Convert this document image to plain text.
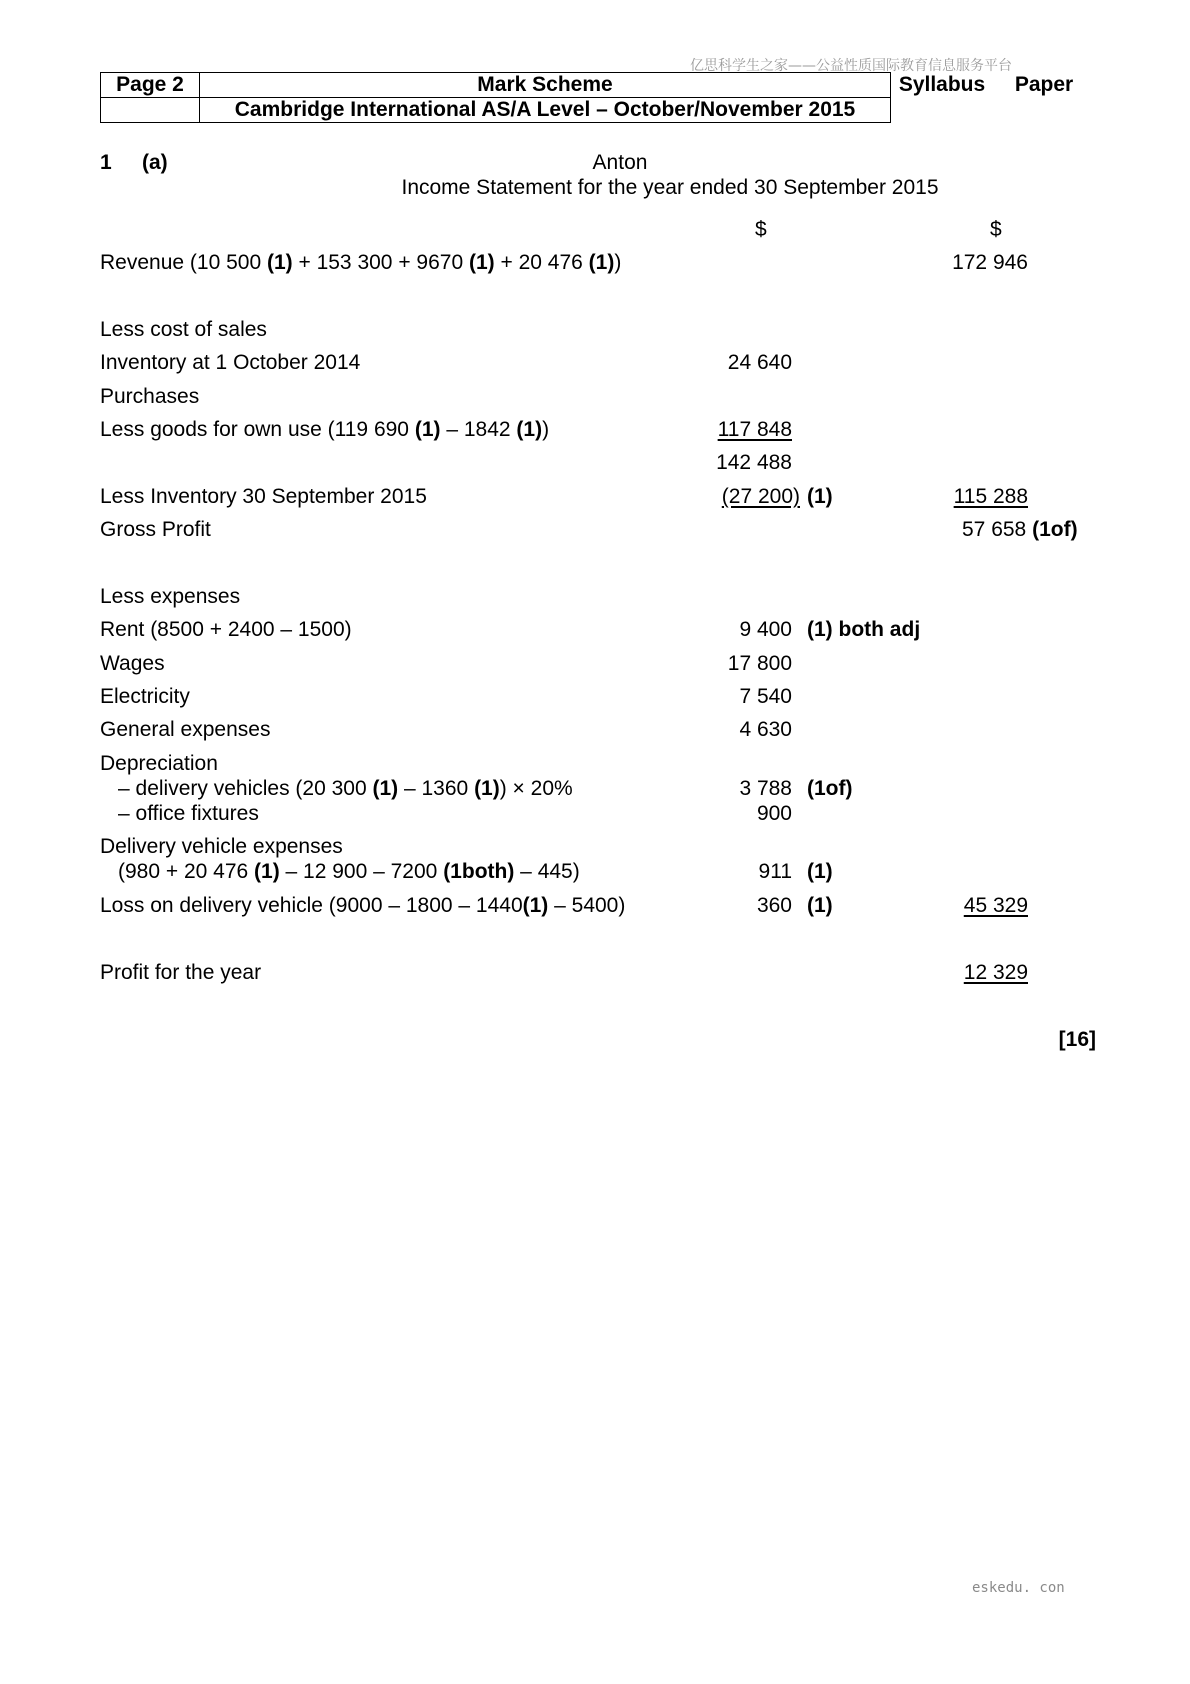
亿思科学生之家——公益性质国际教育信息服务平台
Page 2	Mark Scheme	Syllabus	Paper
	Cambridge International AS/A Level – October/November 2015		
1 (a)	Anton
Income Statement for the year ended 30 September 2015
$	$
Revenue (10 500 (1) + 153 300 + 9670 (1) + 20 476 (1))	172 946
Less cost of sales
Inventory at 1 October 2014	24 640
Purchases
Less goods for own use (119 690 (1) – 1842 (1))	117 848
142 488
Less Inventory 30 September 2015	(27 200) (1)	115 288
Gross Profit	57 658 (1of)
Less expenses
Rent (8500 + 2400 – 1500)	9 400 (1) both adj
Wages	17 800
Electricity	7 540
General expenses	4 630
Depreciation
– delivery vehicles (20 300 (1) – 1360 (1)) × 20%	3 788 (1of)
– office fixtures	900
Delivery vehicle expenses
(980 + 20 476 (1) – 12 900 – 7200 (1both) – 445)	911 (1)
Loss on delivery vehicle (9000 – 1800 – 1440(1) – 5400)	360 (1)	45 329
Profit for the year	12 329
[16]
eskedu. con
